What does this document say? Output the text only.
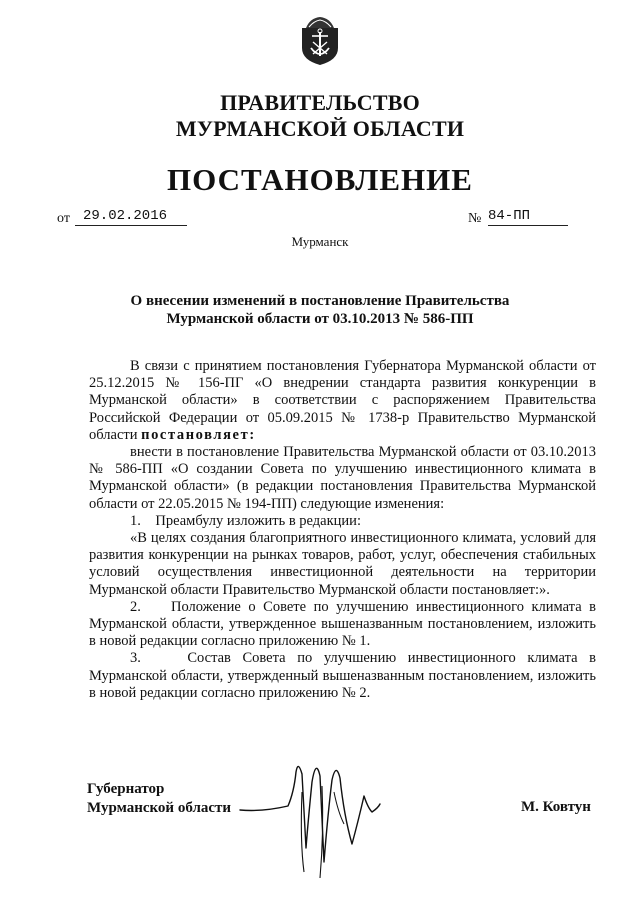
ПРАВИТЕЛЬСТВО
МУРМАНСКОЙ ОБЛАСТИ
ПОСТАНОВЛЕНИЕ
от 29.02.2016	№ 84-ПП
Мурманск
О внесении изменений в постановление Правительства
Мурманской области от 03.10.2013 № 586-ПП

В связи с принятием постановления Губернатора Мурманской области от 25.12.2015 № 156-ПГ «О внедрении стандарта развития конкуренции в Мурманской области» в соответствии с распоряжением Правительства Российской Федерации от 05.09.2015 № 1738-р Правительство Мурманской области постановляет:

внести в постановление Правительства Мурманской области от 03.10.2013 № 586-ПП «О создании Совета по улучшению инвестиционного климата в Мурманской области» (в редакции постановления Правительства Мурманской области от 22.05.2015 № 194-ПП) следующие изменения:

1.    Преамбулу изложить в редакции:

«В целях создания благоприятного инвестиционного климата, условий для развития конкуренции на рынках товаров, работ, услуг, обеспечения стабильных условий осуществления инвестиционной деятельности на территории Мурманской области Правительство Мурманской области постановляет:».

2.    Положение о Совете по улучшению инвестиционного климата в Мурманской области, утвержденное вышеназванным постановлением, изложить в новой редакции согласно приложению № 1.

3.    Состав Совета по улучшению инвестиционного климата в Мурманской области, утвержденный вышеназванным постановлением, изложить в новой редакции согласно приложению № 2.

Губернатор
Мурманской области	М. Ковтун
